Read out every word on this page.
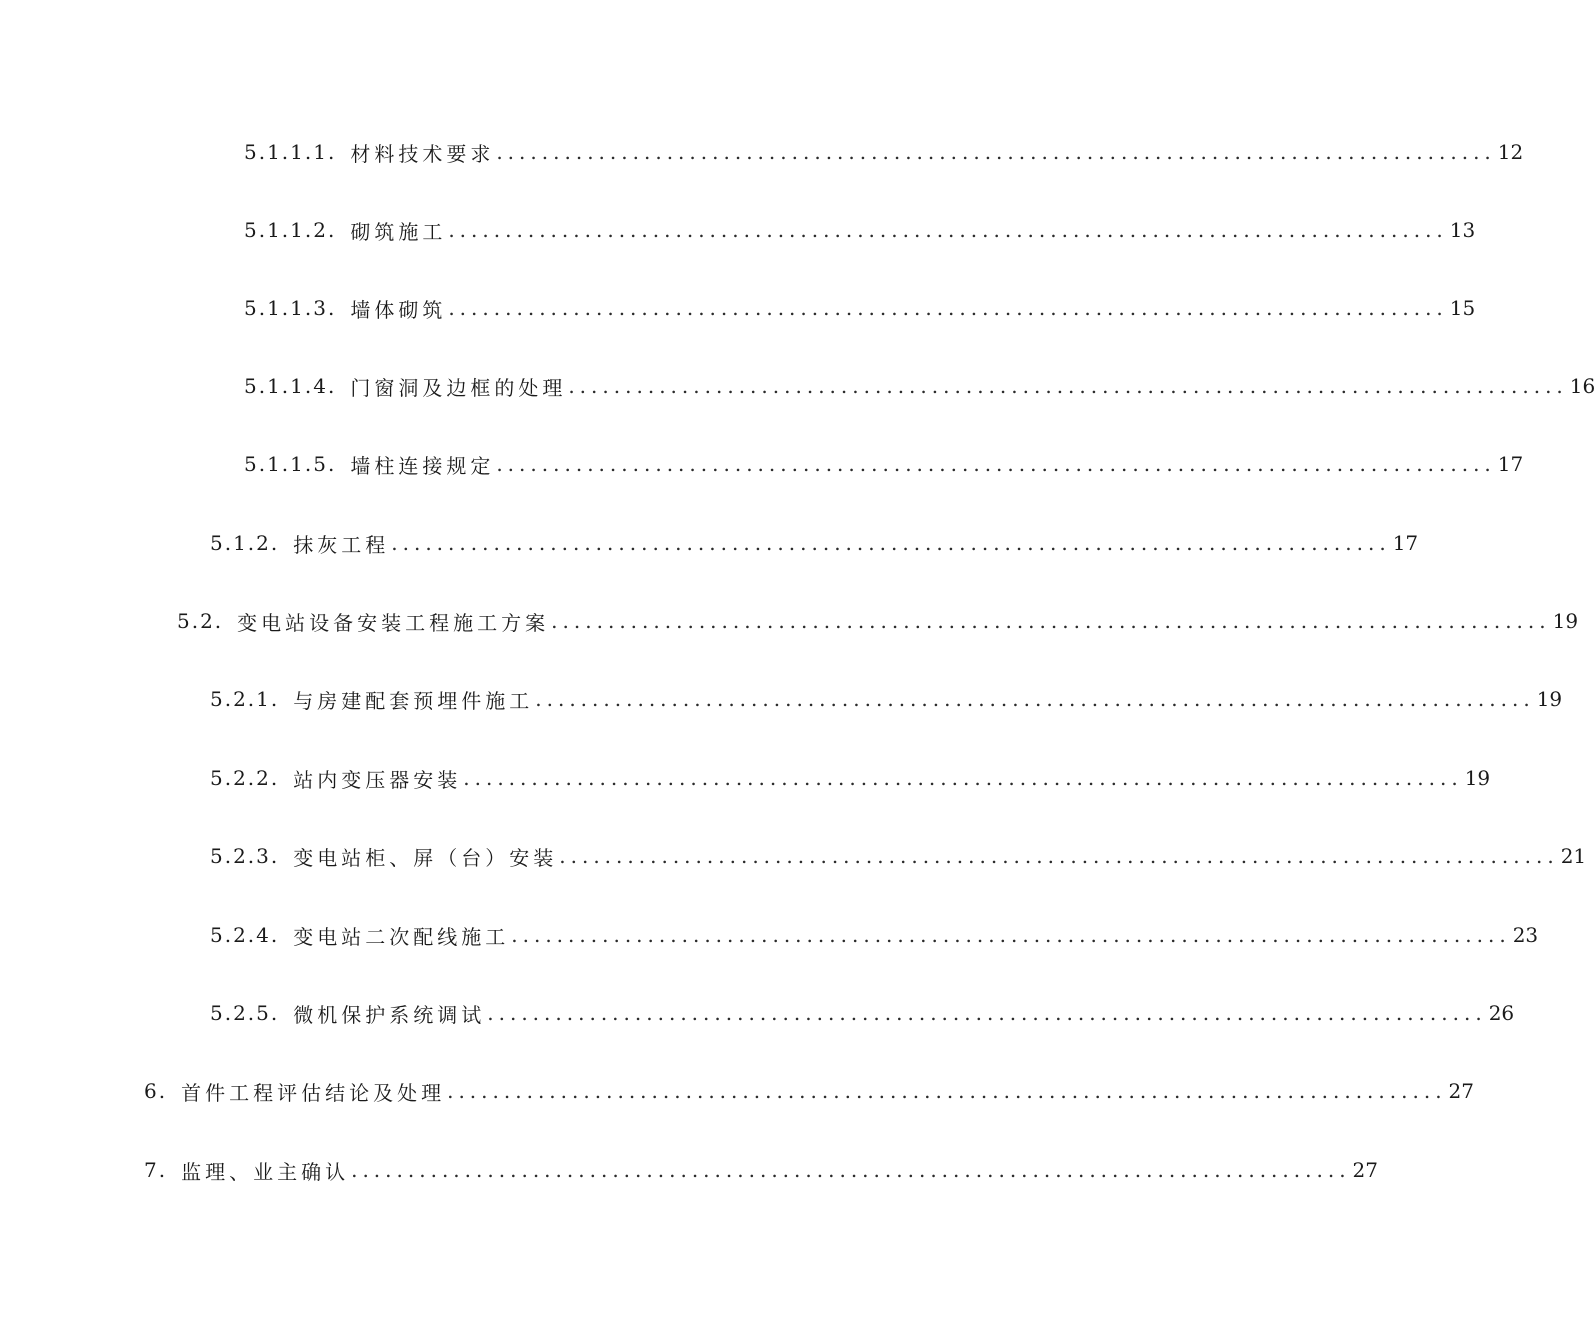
5.1.1.1. 材料技术要求 ........................................................................................ 12
5.1.1.2. 砌筑施工 ........................................................................................ 13
5.1.1.3. 墙体砌筑 ........................................................................................ 15
5.1.1.4. 门窗洞及边框的处理 ........................................................................................ 16
5.1.1.5. 墙柱连接规定 ........................................................................................ 17
5.1.2. 抹灰工程 ........................................................................................ 17
5.2. 变电站设备安装工程施工方案 ........................................................................................ 19
5.2.1. 与房建配套预埋件施工 ........................................................................................ 19
5.2.2. 站内变压器安装 ........................................................................................ 19
5.2.3. 变电站柜、屏（台）安装 ........................................................................................ 21
5.2.4. 变电站二次配线施工 ........................................................................................ 23
5.2.5. 微机保护系统调试 ........................................................................................ 26
6. 首件工程评估结论及处理 ........................................................................................ 27
7. 监理、业主确认 ........................................................................................ 27
